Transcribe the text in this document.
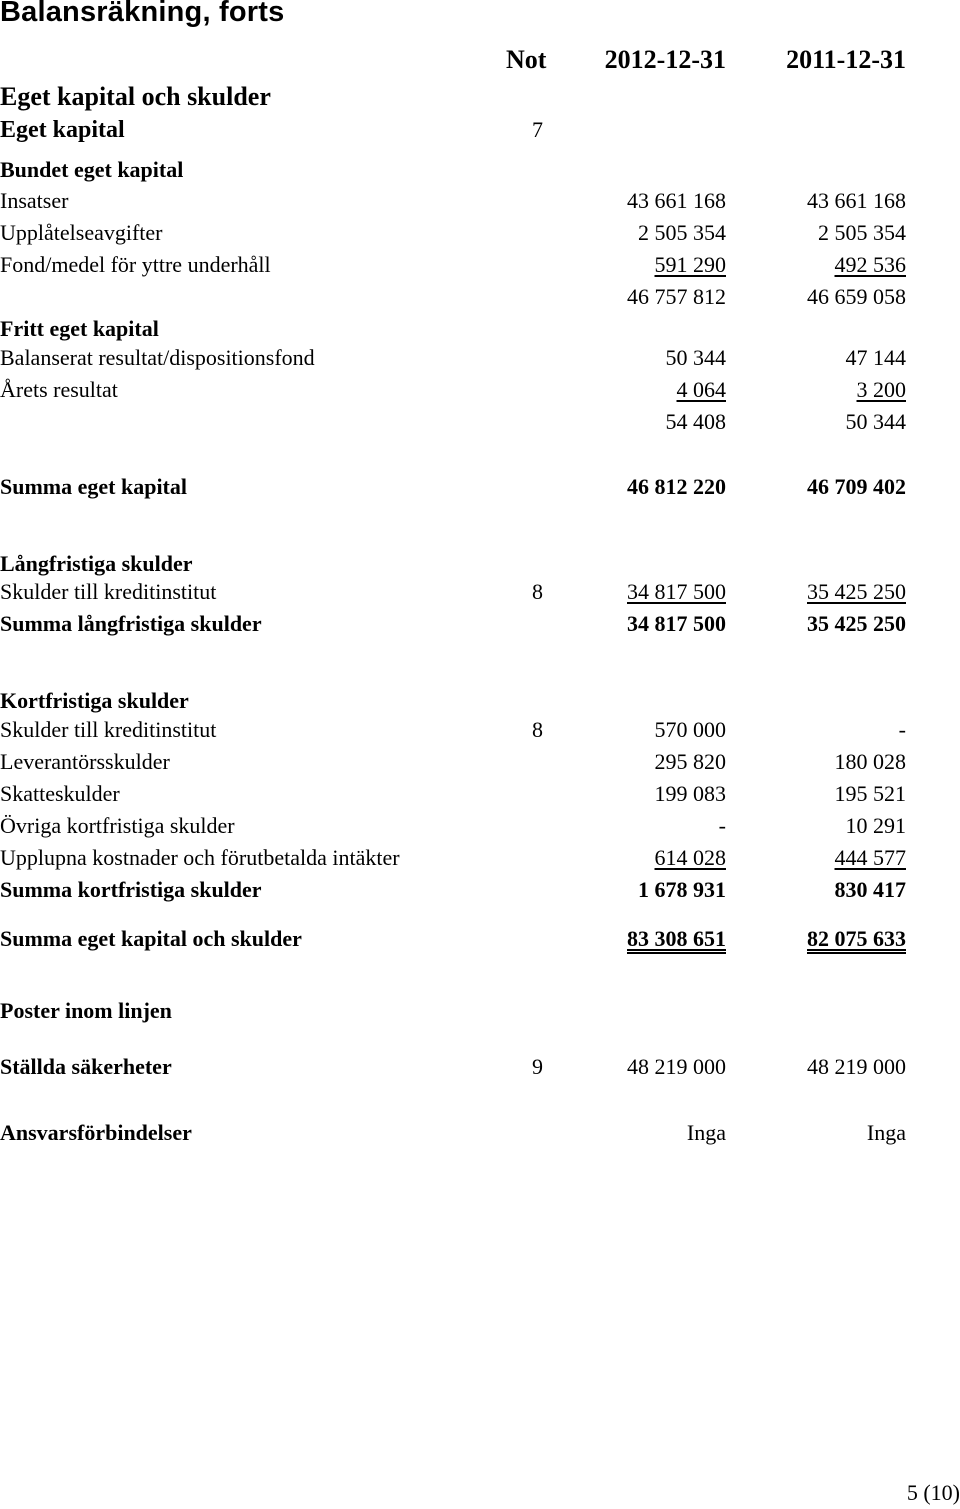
Balansräkning, forts
Not 2012-12-31 2011-12-31
Eget kapital och skulder
Eget kapital	7
Bundet eget kapital
Insatser	43 661 168	43 661 168
Upplåtelseavgifter	2 505 354	2 505 354
Fond/medel för yttre underhåll	591 290	492 536
46 757 812	46 659 058
Fritt eget kapital
Balanserat resultat/dispositionsfond	50 344	47 144
Årets resultat	4 064	3 200
54 408	50 344
Summa eget kapital	46 812 220	46 709 402
Långfristiga skulder
Skulder till kreditinstitut	8	34 817 500	35 425 250
Summa långfristiga skulder	34 817 500	35 425 250
Kortfristiga skulder
Skulder till kreditinstitut	8	570 000	-
Leverantörsskulder	295 820	180 028
Skatteskulder	199 083	195 521
Övriga kortfristiga skulder	-	10 291
Upplupna kostnader och förutbetalda intäkter	614 028	444 577
Summa kortfristiga skulder	1 678 931	830 417
Summa eget kapital och skulder	83 308 651	82 075 633
Poster inom linjen
Ställda säkerheter	9	48 219 000	48 219 000
Ansvarsförbindelser	Inga	Inga
5 (10)
